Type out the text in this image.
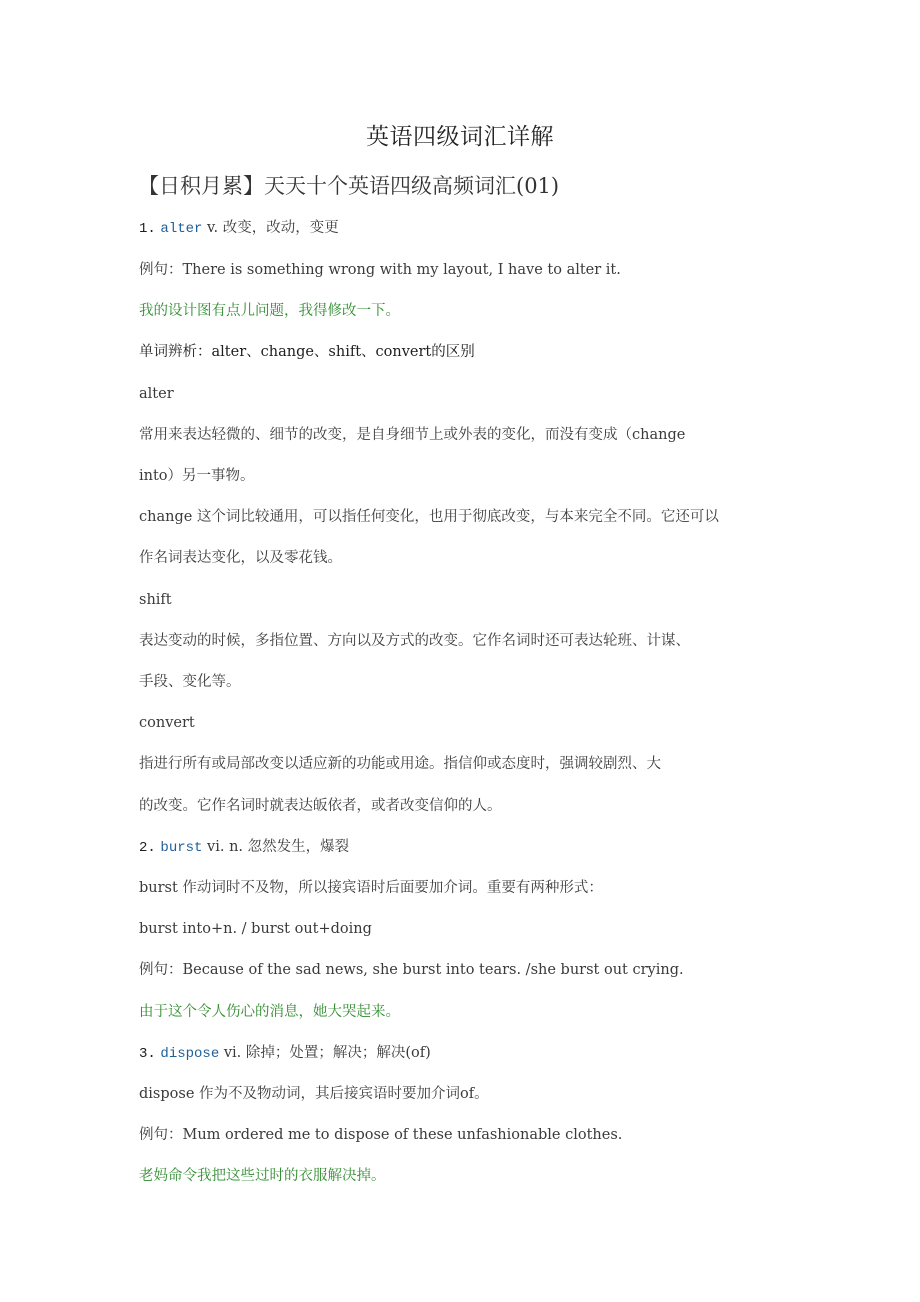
英语四级词汇详解
【日积月累】天天十个英语四级高频词汇(01)
1. alter v. 改变，改动，变更
例句：There is something wrong with my layout, I have to alter it.
我的设计图有点儿问题，我得修改一下。
单词辨析：alter、change、shift、convert的区别
alter
常用来表达轻微的、细节的改变，是自身细节上或外表的变化，而没有变成（change
into）另一事物。
change 这个词比较通用，可以指任何变化，也用于彻底改变，与本来完全不同。它还可以
作名词表达变化，以及零花钱。
shift
表达变动的时候，多指位置、方向以及方式的改变。它作名词时还可表达轮班、计谋、
手段、变化等。
convert
指进行所有或局部改变以适应新的功能或用途。指信仰或态度时，强调较剧烈、大
的改变。它作名词时就表达皈依者，或者改变信仰的人。
2. burst vi. n. 忽然发生，爆裂
burst 作动词时不及物，所以接宾语时后面要加介词。重要有两种形式：
burst into+n. / burst out+doing
例句：Because of the sad news, she burst into tears. /she burst out crying.
由于这个令人伤心的消息，她大哭起来。
3. dispose vi. 除掉；处置；解决；解决(of)
dispose 作为不及物动词，其后接宾语时要加介词of。
例句：Mum ordered me to dispose of these unfashionable clothes.
老妈命令我把这些过时的衣服解决掉。
